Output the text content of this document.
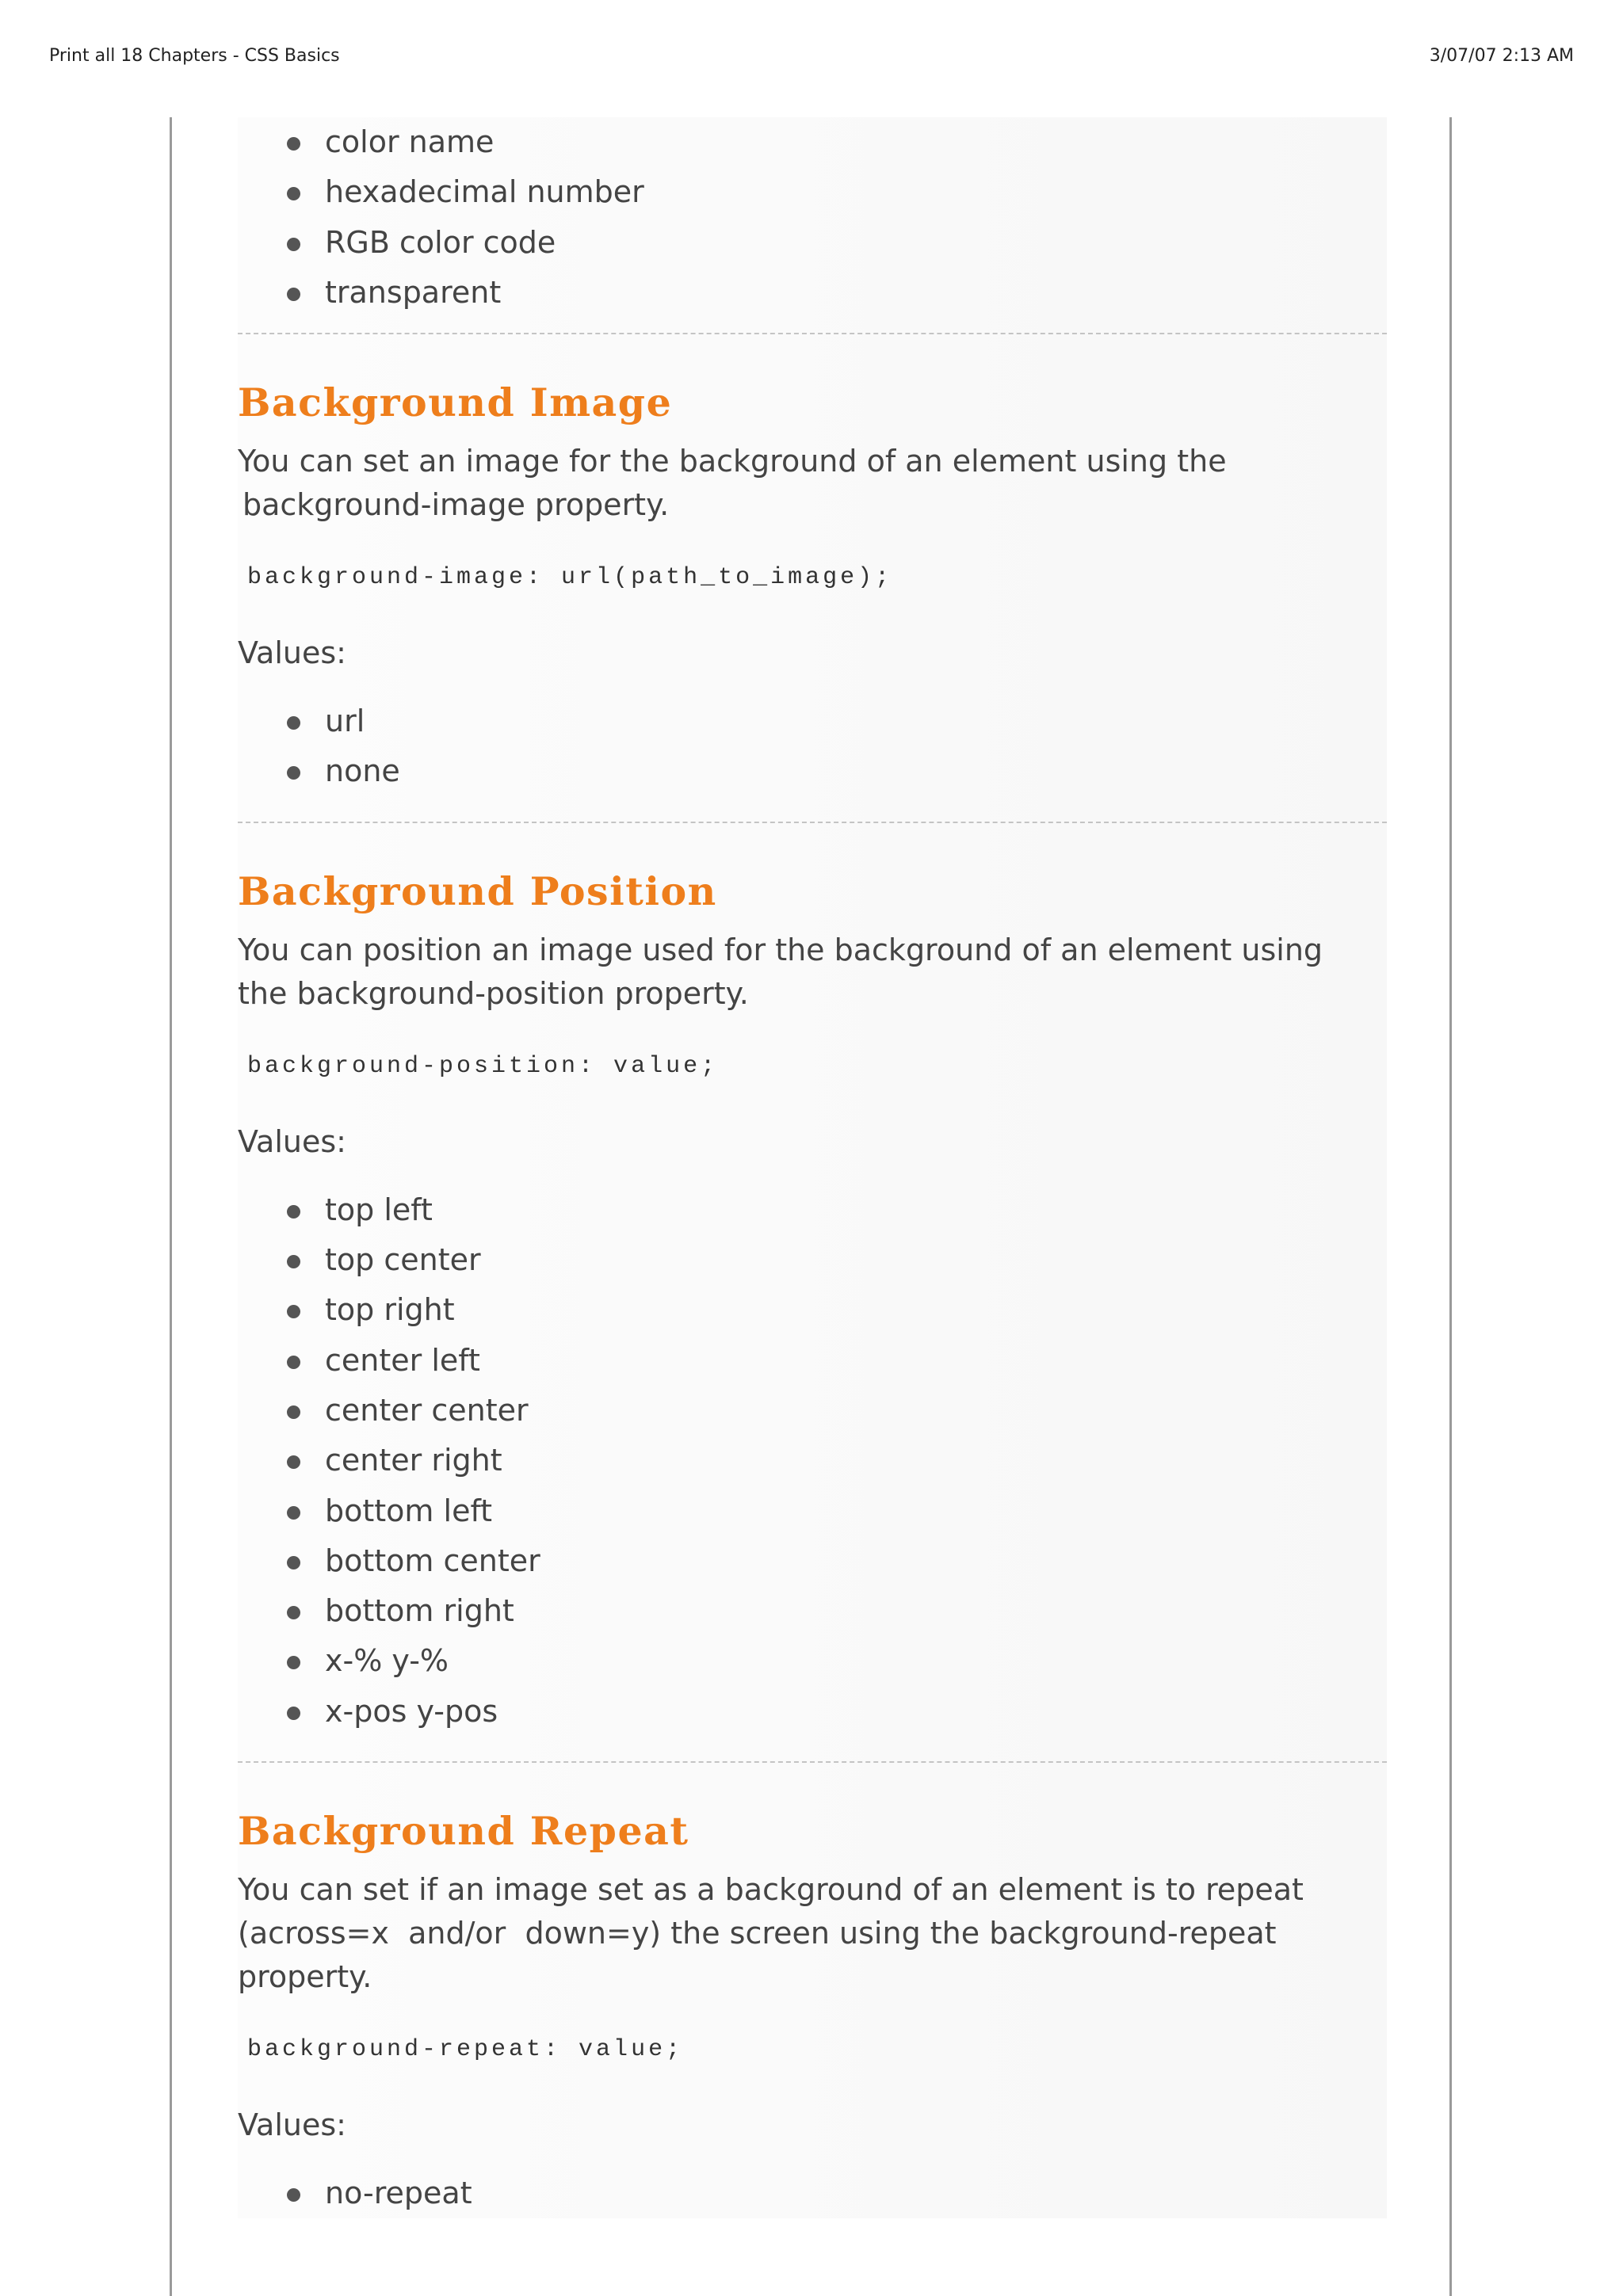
Print all 18 Chapters - CSS Basics	3/07/07 2:13 AM
color name
hexadecimal number
RGB color code
transparent
Background Image

You can set an image for the background of an element using the
background-image property.

background-image: url(path_to_image);
Values:
url
none
Background Position

You can position an image used for the background of an element using
the background-position property.

background-position: value;
Values:
top left
top center
top right
center left
center center
center right
bottom left
bottom center
bottom right
x-% y-%
x-pos y-pos
Background Repeat

You can set if an image set as a background of an element is to repeat
(across=x  and/or  down=y) the screen using the background-repeat
property.

background-repeat: value;
Values:
no-repeat
